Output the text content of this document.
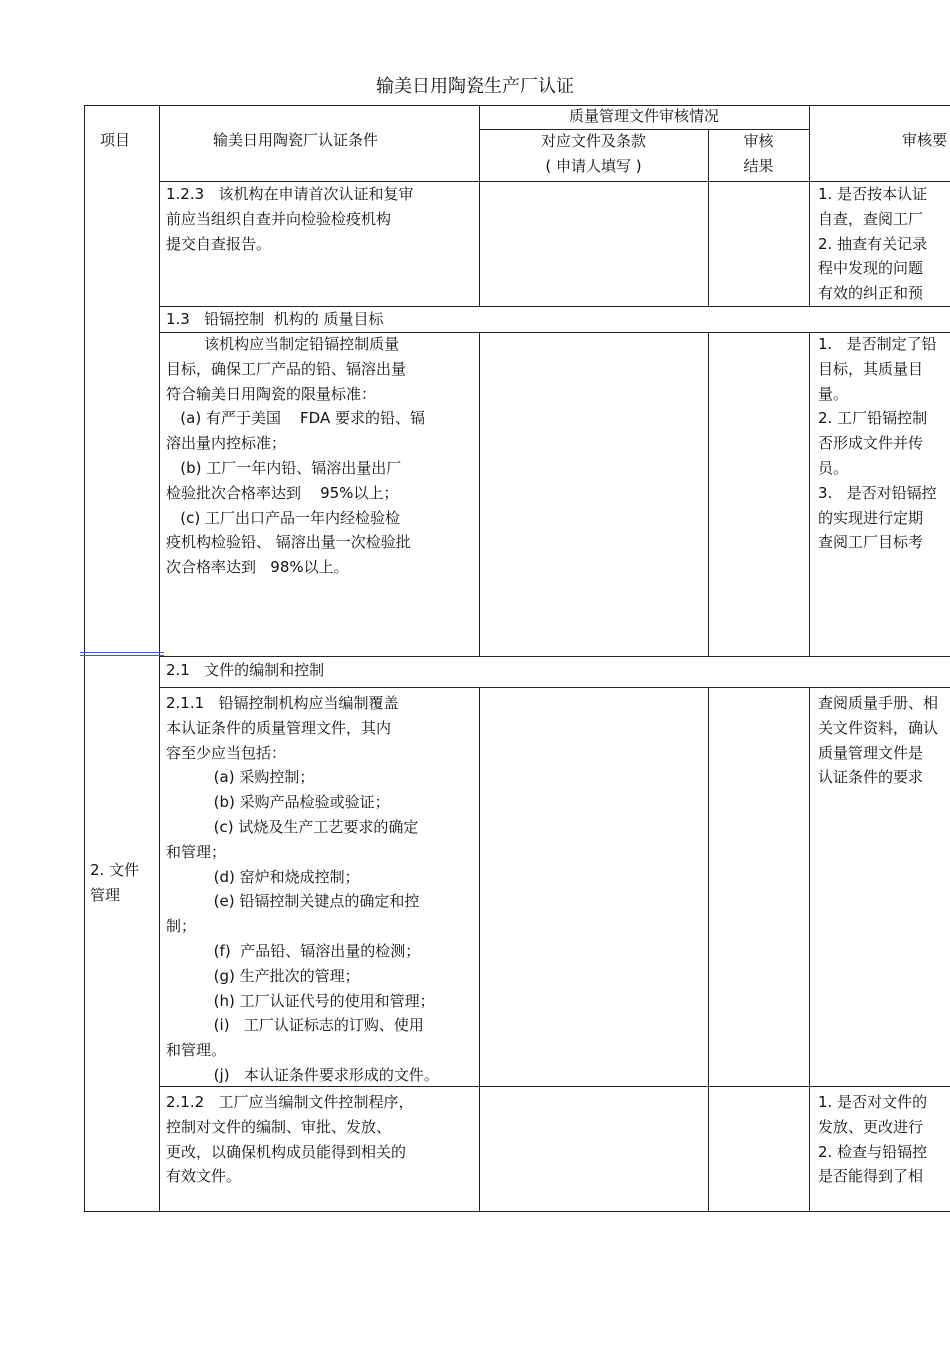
输美日用陶瓷生产厂认证
项目	输美日用陶瓷厂认证条件
质量管理文件审核情况
对应文件及条款
( 申请人填写 )
审核
结果
审核要
1.2.3   该机构在申请首次认证和复审
前应当组织自查并向检验检疫机构
提交自查报告。
1. 是否按本认证
自查，查阅工厂
2. 抽查有关记录
程中发现的问题
有效的纠正和预
1.3   铅镉控制  机构的 质量目标
该机构应当制定铅镉控制质量
目标，确保工厂产品的铅、镉溶出量
符合输美日用陶瓷的限量标准：
(a) 有严于美国    FDA 要求的铅、镉
溶出量内控标准；
(b) 工厂一年内铅、镉溶出量出厂
检验批次合格率达到    95%以上；
(c) 工厂出口产品一年内经检验检
疫机构检验铅、 镉溶出量一次检验批
次合格率达到   98%以上。
1.   是否制定了铅
目标，其质量目
量。
2. 工厂铅镉控制
否形成文件并传
员。
3.   是否对铅镉控
的实现进行定期
查阅工厂目标考
2. 文件
管理
2.1   文件的编制和控制
2.1.1   铅镉控制机构应当编制覆盖
本认证条件的质量管理文件，其内
容至少应当包括：
(a) 采购控制；
(b) 采购产品检验或验证；
(c) 试烧及生产工艺要求的确定
和管理；
(d) 窑炉和烧成控制；
(e) 铅镉控制关键点的确定和控
制；
(f)  产品铅、镉溶出量的检测；
(g) 生产批次的管理；
(h) 工厂认证代号的使用和管理；
(i)   工厂认证标志的订购、使用
和管理。
(j)   本认证条件要求形成的文件。
查阅质量手册、相
关文件资料，确认
质量管理文件是
认证条件的要求
2.1.2   工厂应当编制文件控制程序，
控制对文件的编制、审批、发放、
更改，以确保机构成员能得到相关的
有效文件。
1. 是否对文件的
发放、更改进行
2. 检查与铅镉控
是否能得到了相
